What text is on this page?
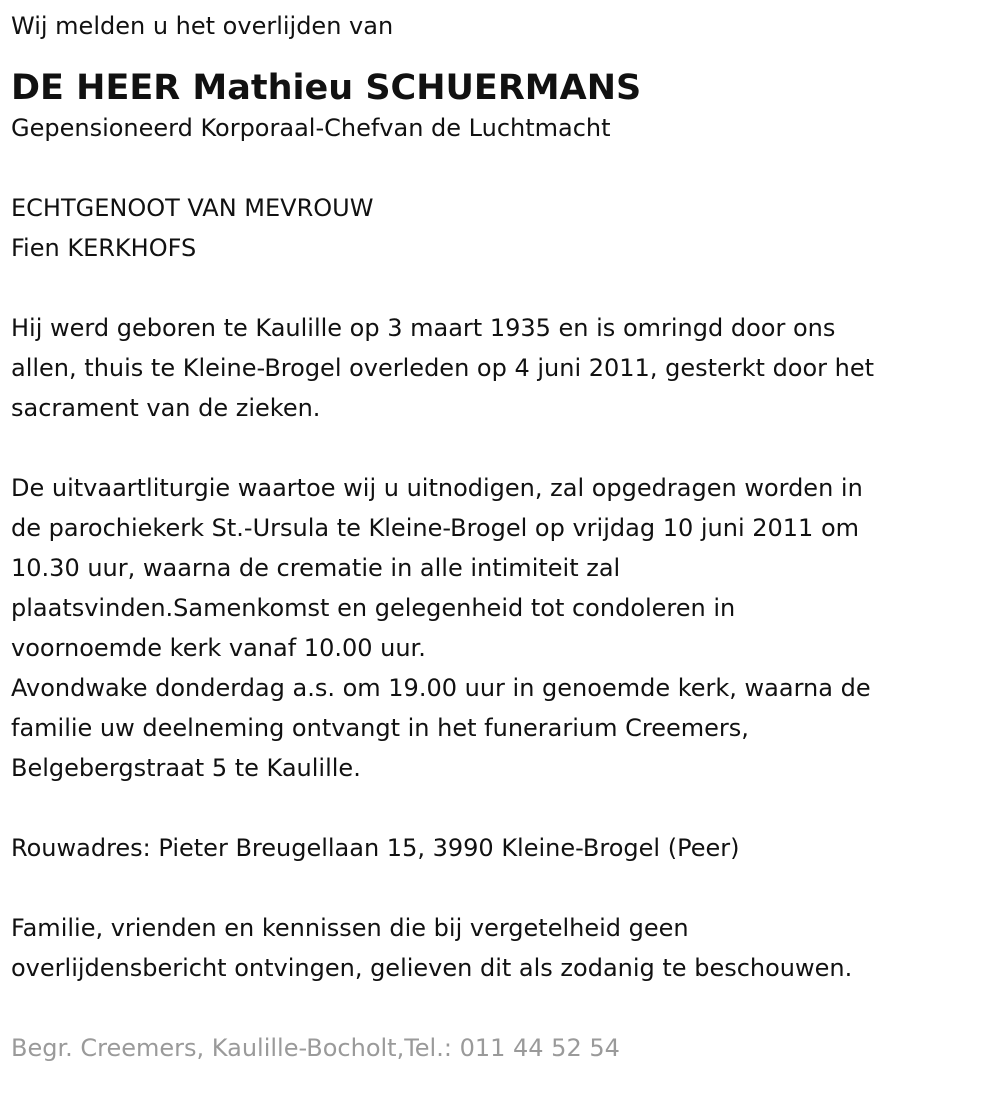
Wij melden u het overlijden van

DE HEER Mathieu SCHUERMANS

Gepensioneerd Korporaal-Chefvan de Luchtmacht

ECHTGENOOT VAN MEVROUW

Fien KERKHOFS

Hij werd geboren te Kaulille op 3 maart 1935 en is omringd door ons

allen, thuis te Kleine-Brogel overleden op 4 juni 2011, gesterkt door het

sacrament van de zieken.

De uitvaartliturgie waartoe wij u uitnodigen, zal opgedragen worden in

de parochiekerk St.-Ursula te Kleine-Brogel op vrijdag 10 juni 2011 om

10.30 uur, waarna de crematie in alle intimiteit zal

plaatsvinden.Samenkomst en gelegenheid tot condoleren in

voornoemde kerk vanaf 10.00 uur.

Avondwake donderdag a.s. om 19.00 uur in genoemde kerk, waarna de

familie uw deelneming ontvangt in het funerarium Creemers,

Belgebergstraat 5 te Kaulille.

Rouwadres: Pieter Breugellaan 15, 3990 Kleine-Brogel (Peer)

Familie, vrienden en kennissen die bij vergetelheid geen

overlijdensbericht ontvingen, gelieven dit als zodanig te beschouwen.

Begr. Creemers, Kaulille-Bocholt,Tel.: 011 44 52 54
